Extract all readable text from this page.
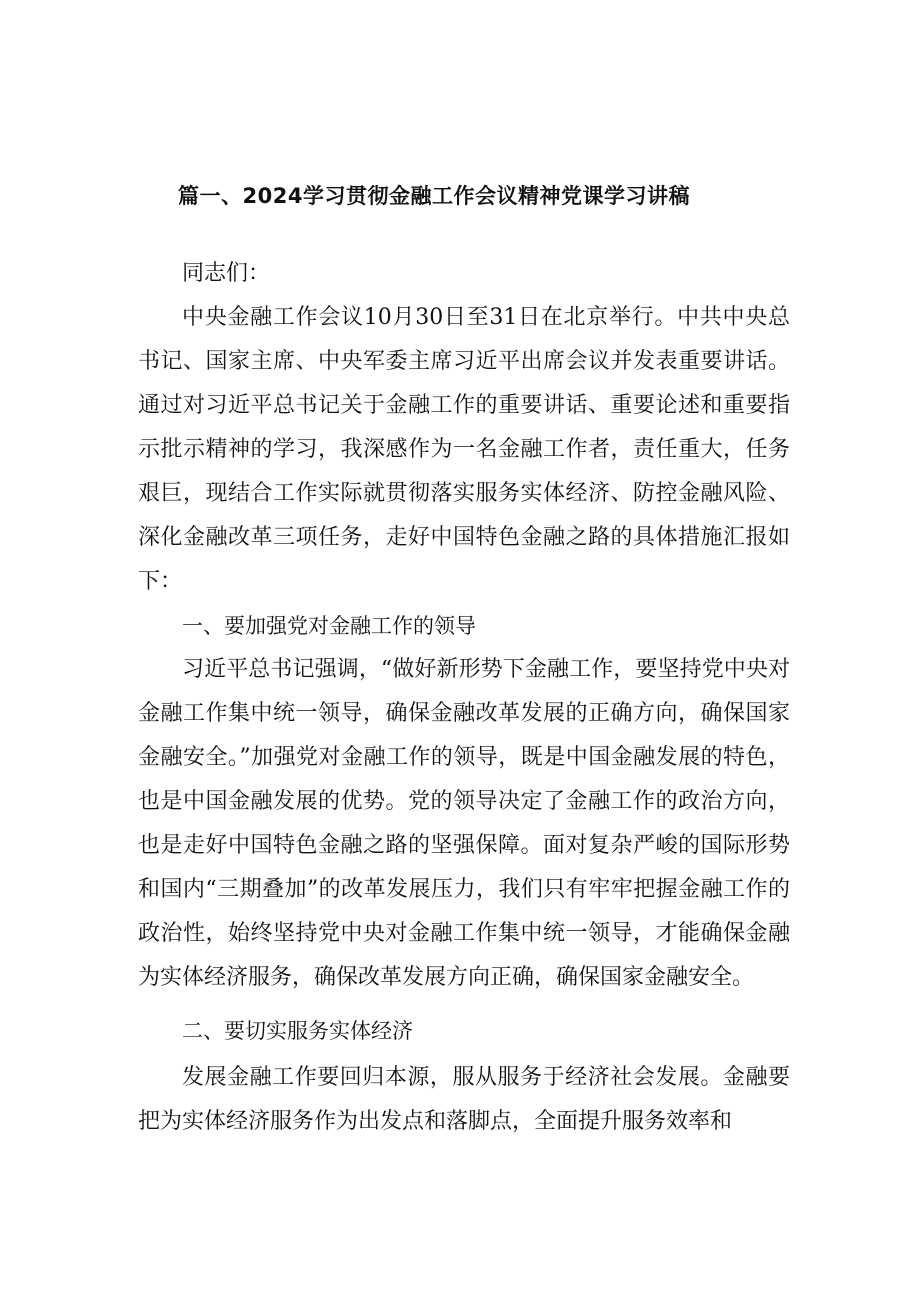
篇一、2024学习贯彻金融工作会议精神党课学习讲稿

同志们：

中央金融工作会议10月30日至31日在北京举行。中共中央总书记、国家主席、中央军委主席习近平出席会议并发表重要讲话。通过对习近平总书记关于金融工作的重要讲话、重要论述和重要指示批示精神的学习，我深感作为一名金融工作者，责任重大，任务艰巨，现结合工作实际就贯彻落实服务实体经济、防控金融风险、深化金融改革三项任务，走好中国特色金融之路的具体措施汇报如下：

一、要加强党对金融工作的领导

习近平总书记强调，“做好新形势下金融工作，要坚持党中央对金融工作集中统一领导，确保金融改革发展的正确方向，确保国家金融安全。”加强党对金融工作的领导，既是中国金融发展的特色，也是中国金融发展的优势。党的领导决定了金融工作的政治方向，也是走好中国特色金融之路的坚强保障。面对复杂严峻的国际形势和国内“三期叠加”的改革发展压力，我们只有牢牢把握金融工作的政治性，始终坚持党中央对金融工作集中统一领导，才能确保金融为实体经济服务，确保改革发展方向正确，确保国家金融安全。

二、要切实服务实体经济

发展金融工作要回归本源，服从服务于经济社会发展。金融要把为实体经济服务作为出发点和落脚点，全面提升服务效率和
